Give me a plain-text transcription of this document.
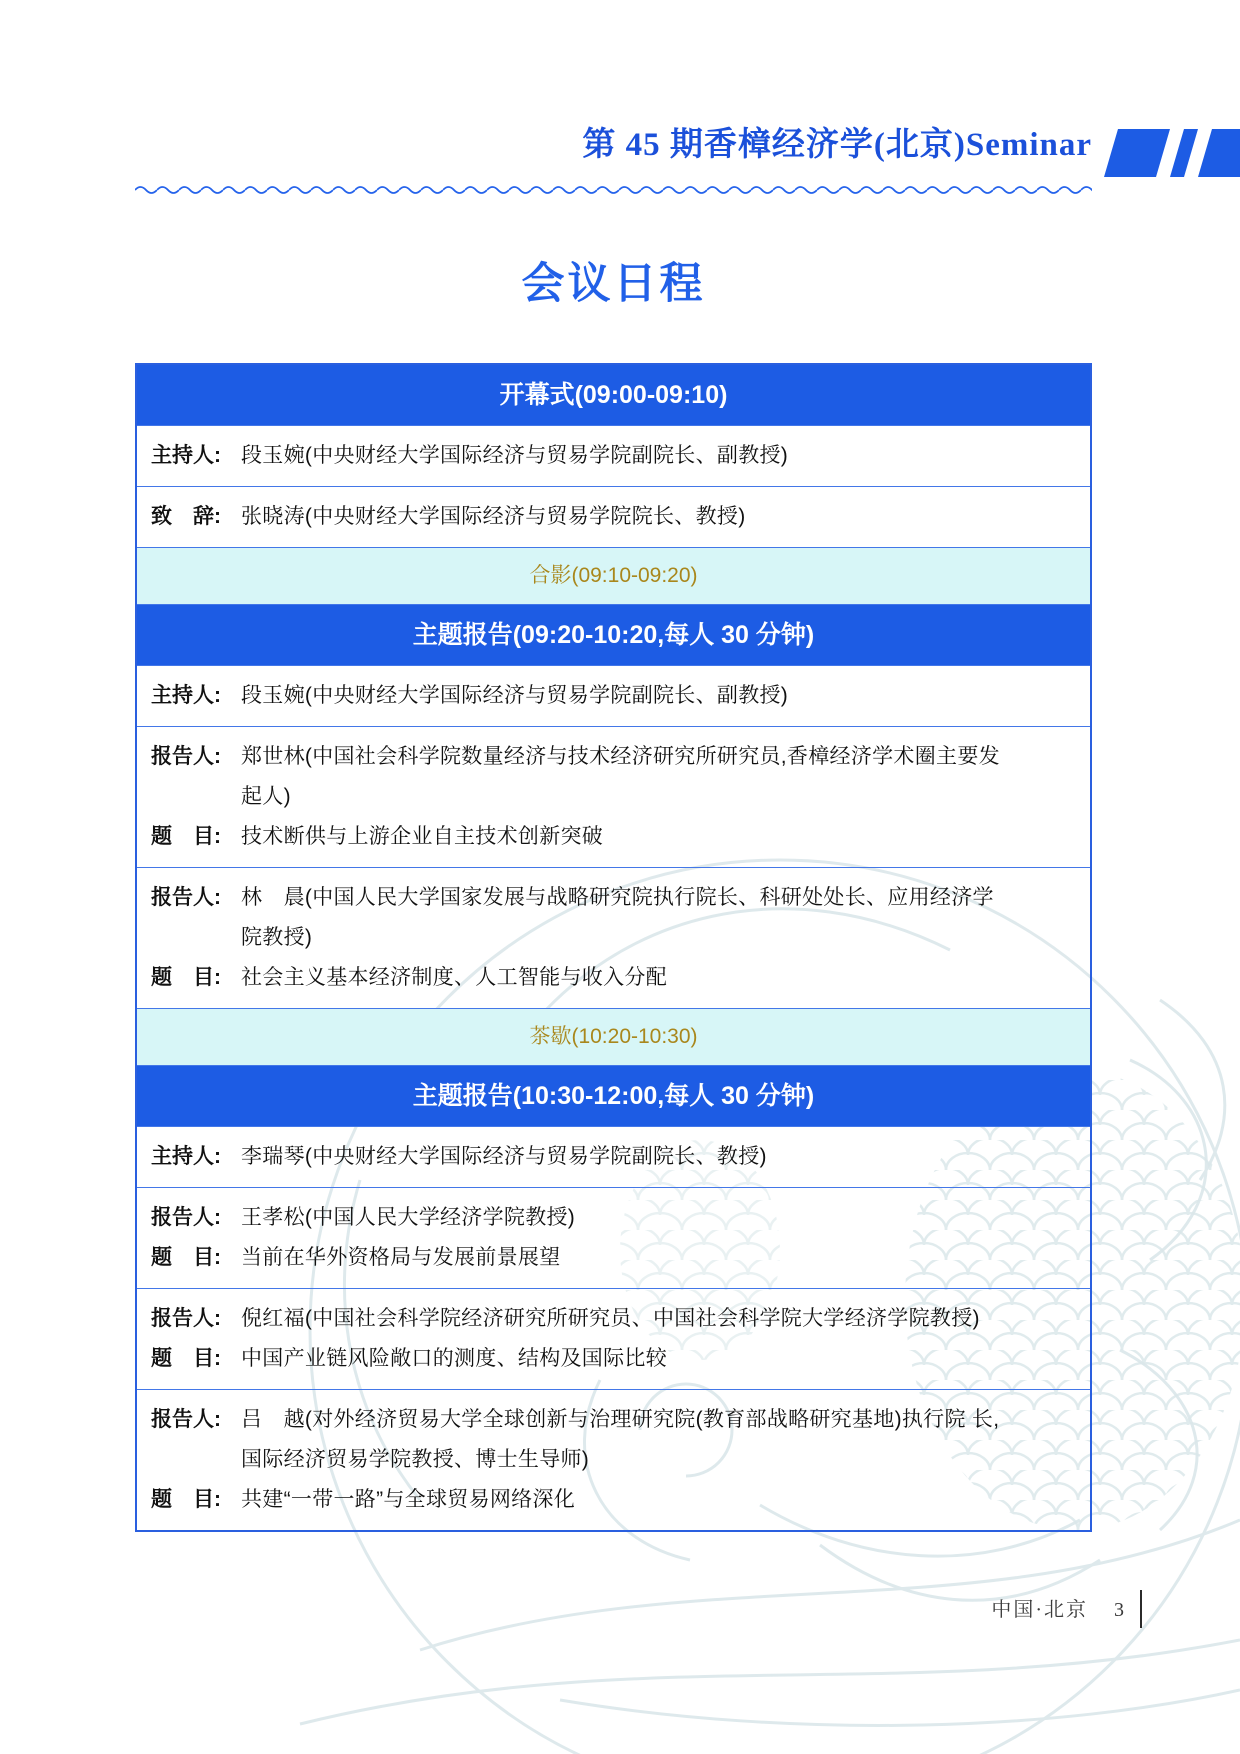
第 45 期香樟经济学(北京)Seminar
会议日程
开幕式(09:00-09:10)
主持人: 段玉婉(中央财经大学国际经济与贸易学院副院长、副教授)
致　辞: 张晓涛(中央财经大学国际经济与贸易学院院长、教授)
合影(09:10-09:20)
主题报告(09:20-10:20,每人 30 分钟)
主持人: 段玉婉(中央财经大学国际经济与贸易学院副院长、副教授)
报告人: 郑世林(中国社会科学院数量经济与技术经济研究所研究员,香樟经济学术圈主要发起人)
题　目: 技术断供与上游企业自主技术创新突破
报告人: 林　晨(中国人民大学国家发展与战略研究院执行院长、科研处处长、应用经济学院教授)
题　目: 社会主义基本经济制度、人工智能与收入分配
茶歇(10:20-10:30)
主题报告(10:30-12:00,每人 30 分钟)
主持人: 李瑞琴(中央财经大学国际经济与贸易学院副院长、教授)
报告人: 王孝松(中国人民大学经济学院教授)
题　目: 当前在华外资格局与发展前景展望
报告人: 倪红福(中国社会科学院经济研究所研究员、中国社会科学院大学经济学院教授)
题　目: 中国产业链风险敞口的测度、结构及国际比较
报告人: 吕　越(对外经济贸易大学全球创新与治理研究院(教育部战略研究基地)执行院 长,国际经济贸易学院教授、博士生导师)
题　目: 共建“一带一路”与全球贸易网络深化
中国·北京 3
